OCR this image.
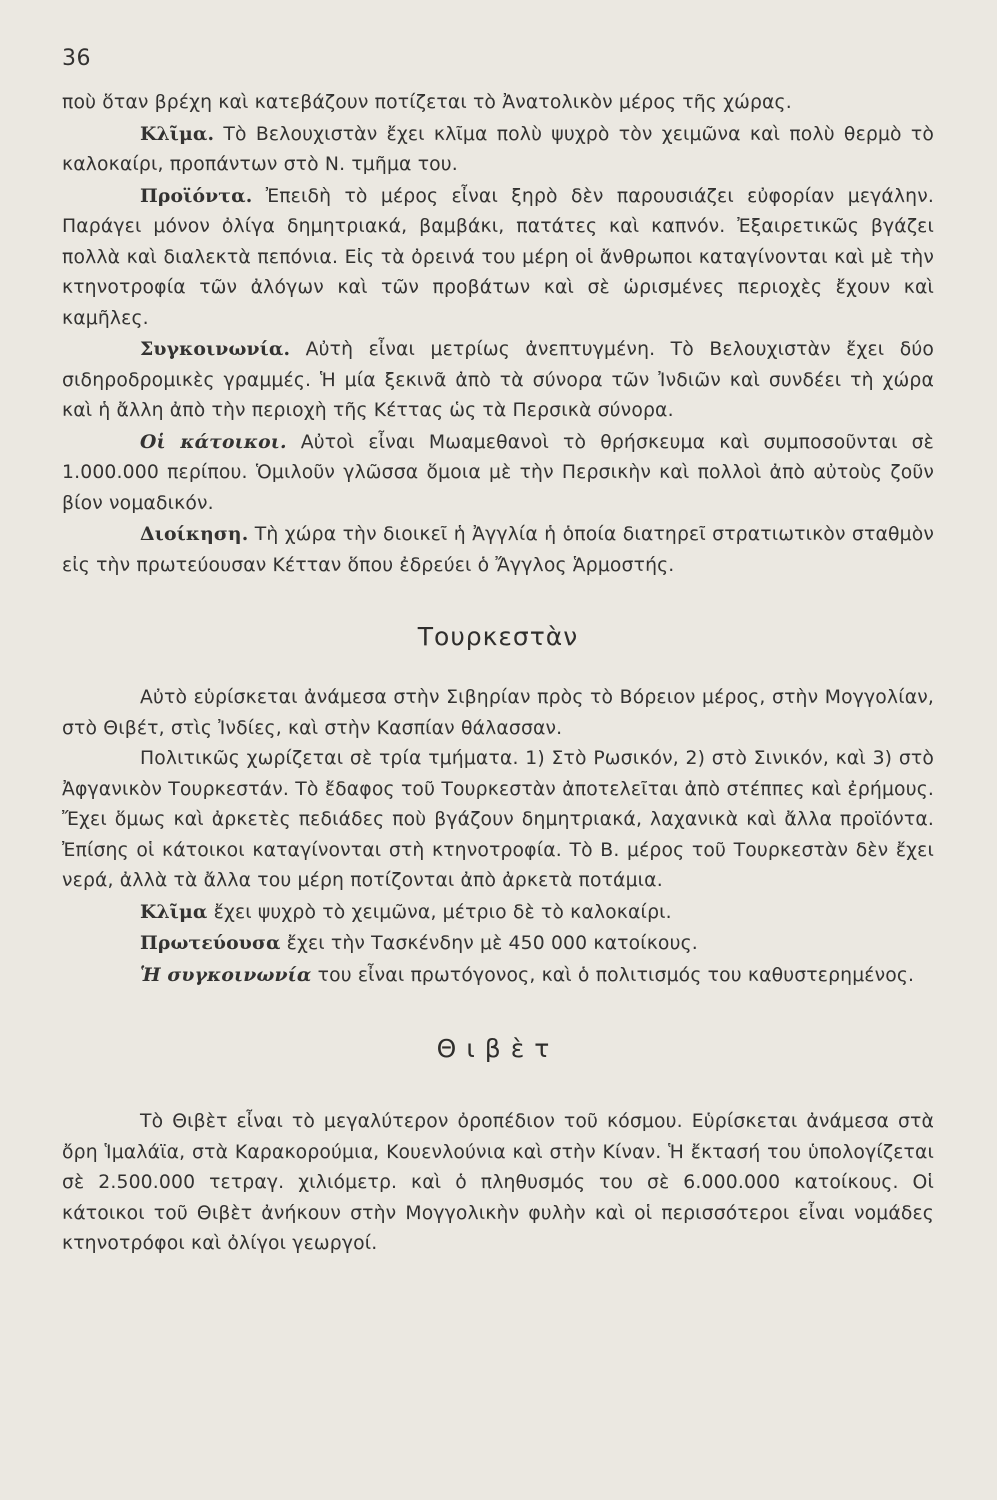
36

ποὺ ὅταν βρέχη καὶ κατεβάζουν ποτίζεται τὸ Ἀνατολικὸν μέρος τῆς χώρας.

Κλῖμα. Τὸ Βελουχιστὰν ἔχει κλῖμα πολὺ ψυχρὸ τὸν χειμῶνα καὶ πολὺ θερμὸ τὸ καλοκαίρι, προπάντων στὸ Ν. τμῆμα του.

Προϊόντα. Ἐπειδὴ τὸ μέρος εἶναι ξηρὸ δὲν παρουσιάζει εὐφορίαν μεγάλην. Παράγει μόνον ὀλίγα δημητριακά, βαμβάκι, πατάτες καὶ καπνόν. Ἐξαιρετικῶς βγάζει πολλὰ καὶ διαλεκτὰ πεπόνια. Εἰς τὰ ὀρεινά του μέρη οἱ ἄνθρωποι καταγίνονται καὶ μὲ τὴν κτηνοτροφία τῶν ἀλόγων καὶ τῶν προβάτων καὶ σὲ ὡρισμένες περιοχὲς ἔχουν καὶ καμῆλες.

Συγκοινωνία. Αὐτὴ εἶναι μετρίως ἀνεπτυγμένη. Τὸ Βελουχιστὰν ἔχει δύο σιδηροδρομικὲς γραμμές. Ἡ μία ξεκινᾶ ἀπὸ τὰ σύνορα τῶν Ἰνδιῶν καὶ συνδέει τὴ χώρα καὶ ἡ ἄλλη ἀπὸ τὴν περιοχὴ τῆς Κέττας ὡς τὰ Περσικὰ σύνορα.

Οἱ κάτοικοι. Αὐτοὶ εἶναι Μωαμεθανοὶ τὸ θρήσκευμα καὶ συμποσοῦνται σὲ 1.000.000 περίπου. Ὁμιλοῦν γλῶσσα ὅμοια μὲ τὴν Περσικὴν καὶ πολλοὶ ἀπὸ αὐτοὺς ζοῦν βίον νομαδικόν.

Διοίκηση. Τὴ χώρα τὴν διοικεῖ ἡ Ἀγγλία ἡ ὁποία διατηρεῖ στρατιωτικὸν σταθμὸν εἰς τὴν πρωτεύουσαν Κέτταν ὅπου ἐδρεύει ὁ Ἄγγλος Ἁρμοστής.

Τουρκεστὰν

Αὐτὸ εὑρίσκεται ἀνάμεσα στὴν Σιβηρίαν πρὸς τὸ Βόρειον μέρος, στὴν Μογγολίαν, στὸ Θιβέτ, στὶς Ἰνδίες, καὶ στὴν Κασπίαν θάλασσαν.

Πολιτικῶς χωρίζεται σὲ τρία τμήματα. 1) Στὸ Ρωσικόν, 2) στὸ Σινικόν, καὶ 3) στὸ Ἀφγανικὸν Τουρκεστάν. Τὸ ἔδαφος τοῦ Τουρκεστὰν ἀποτελεῖται ἀπὸ στέππες καὶ ἐρήμους. Ἔχει ὅμως καὶ ἀρκετὲς πεδιάδες ποὺ βγάζουν δημητριακά, λαχανικὰ καὶ ἄλλα προϊόντα. Ἐπίσης οἱ κάτοικοι καταγίνονται στὴ κτηνοτροφία. Τὸ Β. μέρος τοῦ Τουρκεστὰν δὲν ἔχει νερά, ἀλλὰ τὰ ἄλλα του μέρη ποτίζονται ἀπὸ ἀρκετὰ ποτάμια.

Κλῖμα ἔχει ψυχρὸ τὸ χειμῶνα, μέτριο δὲ τὸ καλοκαίρι.

Πρωτεύουσα ἔχει τὴν Τασκένδην μὲ 450 000 κατοίκους.

Ἡ συγκοινωνία του εἶναι πρωτόγονος, καὶ ὁ πολιτισμός του καθυστερημένος.

Θιβὲτ

Τὸ Θιβὲτ εἶναι τὸ μεγαλύτερον ὀροπέδιον τοῦ κόσμου. Εὑρίσκεται ἀνάμεσα στὰ ὄρη Ἱμαλάϊα, στὰ Καρακορούμια, Κουενλούνια καὶ στὴν Κίναν. Ἡ ἔκτασή του ὑπολογίζεται σὲ 2.500.000 τετραγ. χιλιόμετρ. καὶ ὁ πληθυσμός του σὲ 6.000.000 κατοίκους. Οἱ κάτοικοι τοῦ Θιβὲτ ἀνήκουν στὴν Μογγολικὴν φυλὴν καὶ οἱ περισσότεροι εἶναι νομάδες κτηνοτρόφοι καὶ ὀλίγοι γεωργοί.
